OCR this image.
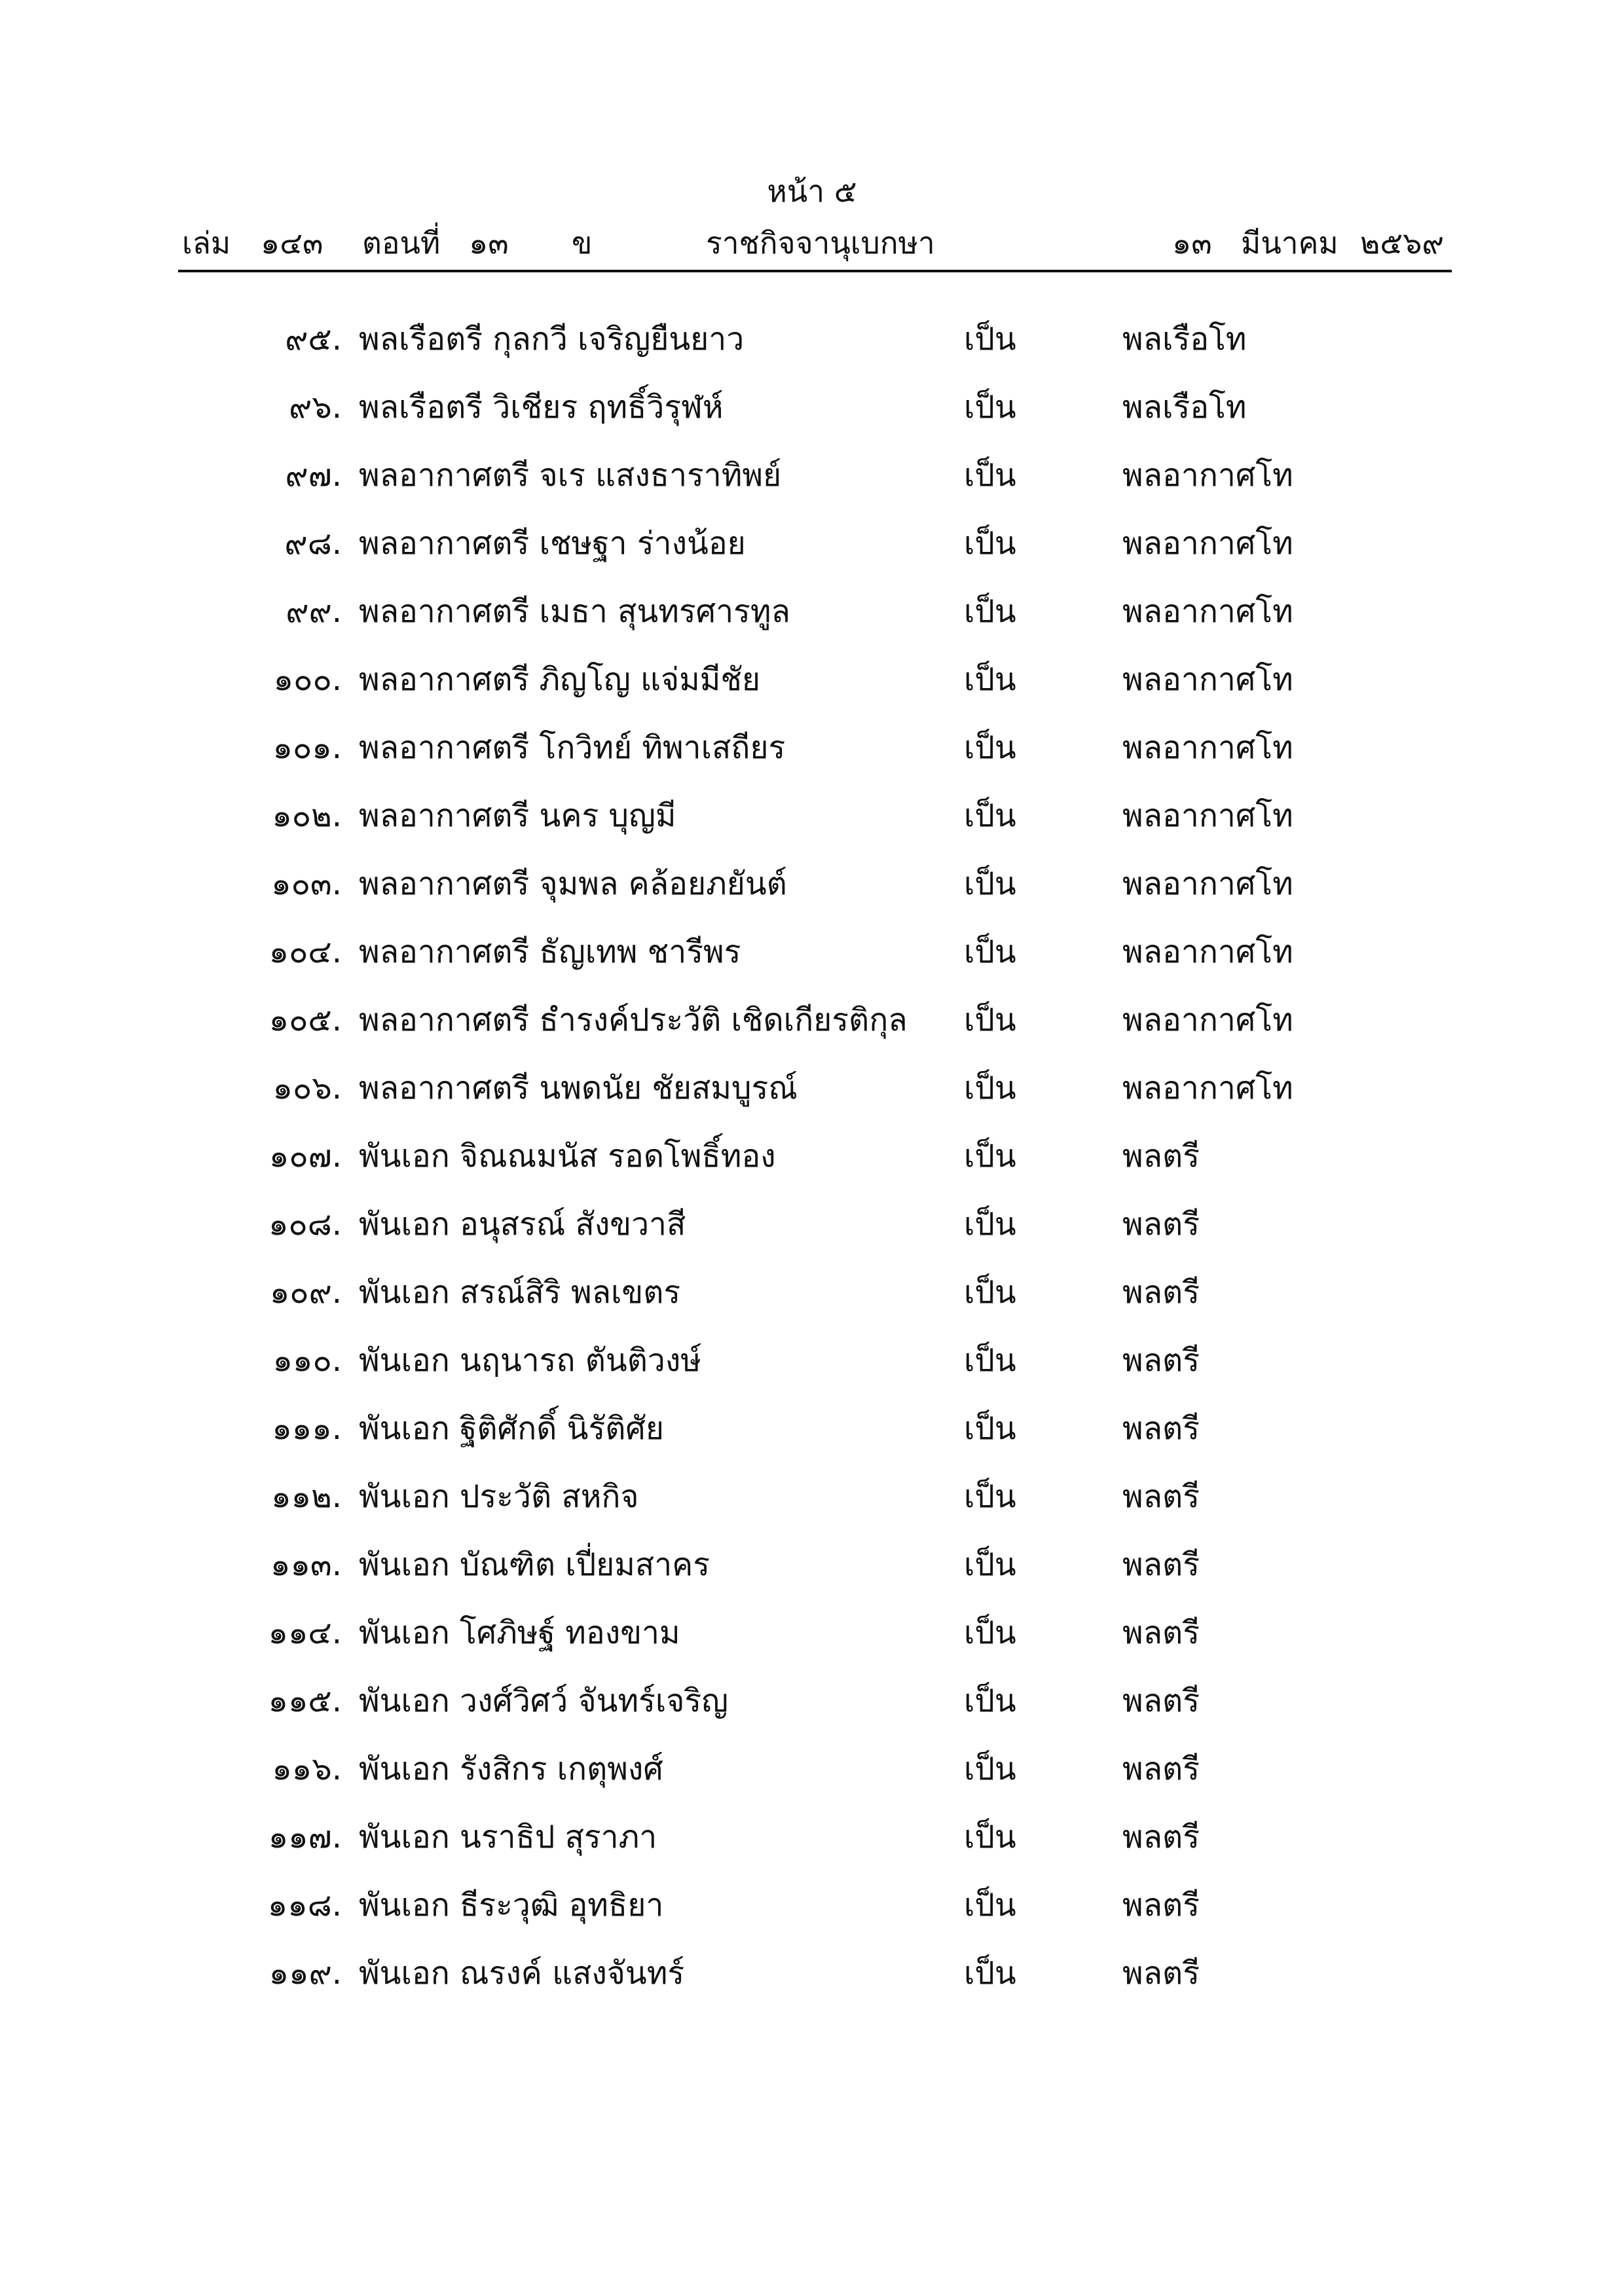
หน้า ๕
เล่ม ๑๔๓ ตอนที่ ๑๓ ข	ราชกิจจานุเบกษา	๑๓ มีนาคม ๒๕๖๙
๙๕. พลเรือตรี กุลกวี เจริญยืนยาว	เป็น	พลเรือโท
๙๖. พลเรือตรี วิเชียร ฤทธิ์วิรุฬห์	เป็น	พลเรือโท
๙๗. พลอากาศตรี จเร แสงธาราทิพย์	เป็น	พลอากาศโท
๙๘. พลอากาศตรี เชษฐา ร่างน้อย	เป็น	พลอากาศโท
๙๙. พลอากาศตรี เมธา สุนทรศารทูล	เป็น	พลอากาศโท
๑๐๐. พลอากาศตรี ภิญโญ แจ่มมีชัย	เป็น	พลอากาศโท
๑๐๑. พลอากาศตรี โกวิทย์ ทิพาเสถียร	เป็น	พลอากาศโท
๑๐๒. พลอากาศตรี นคร บุญมี	เป็น	พลอากาศโท
๑๐๓. พลอากาศตรี จุมพล คล้อยภยันต์	เป็น	พลอากาศโท
๑๐๔. พลอากาศตรี ธัญเทพ ชารีพร	เป็น	พลอากาศโท
๑๐๕. พลอากาศตรี ธำรงค์ประวัติ เชิดเกียรติกุล	เป็น	พลอากาศโท
๑๐๖. พลอากาศตรี นพดนัย ชัยสมบูรณ์	เป็น	พลอากาศโท
๑๐๗. พันเอก จิณณมนัส รอดโพธิ์ทอง	เป็น	พลตรี
๑๐๘. พันเอก อนุสรณ์ สังขวาสี	เป็น	พลตรี
๑๐๙. พันเอก สรณ์สิริ พลเขตร	เป็น	พลตรี
๑๑๐. พันเอก นฤนารถ ตันติวงษ์	เป็น	พลตรี
๑๑๑. พันเอก ฐิติศักดิ์ นิรัติศัย	เป็น	พลตรี
๑๑๒. พันเอก ประวัติ สหกิจ	เป็น	พลตรี
๑๑๓. พันเอก บัณฑิต เปี่ยมสาคร	เป็น	พลตรี
๑๑๔. พันเอก โศภิษฐ์ ทองขาม	เป็น	พลตรี
๑๑๕. พันเอก วงศ์วิศว์ จันทร์เจริญ	เป็น	พลตรี
๑๑๖. พันเอก รังสิกร เกตุพงศ์	เป็น	พลตรี
๑๑๗. พันเอก นราธิป สุราภา	เป็น	พลตรี
๑๑๘. พันเอก ธีระวุฒิ อุทธิยา	เป็น	พลตรี
๑๑๙. พันเอก ณรงค์ แสงจันทร์	เป็น	พลตรี
